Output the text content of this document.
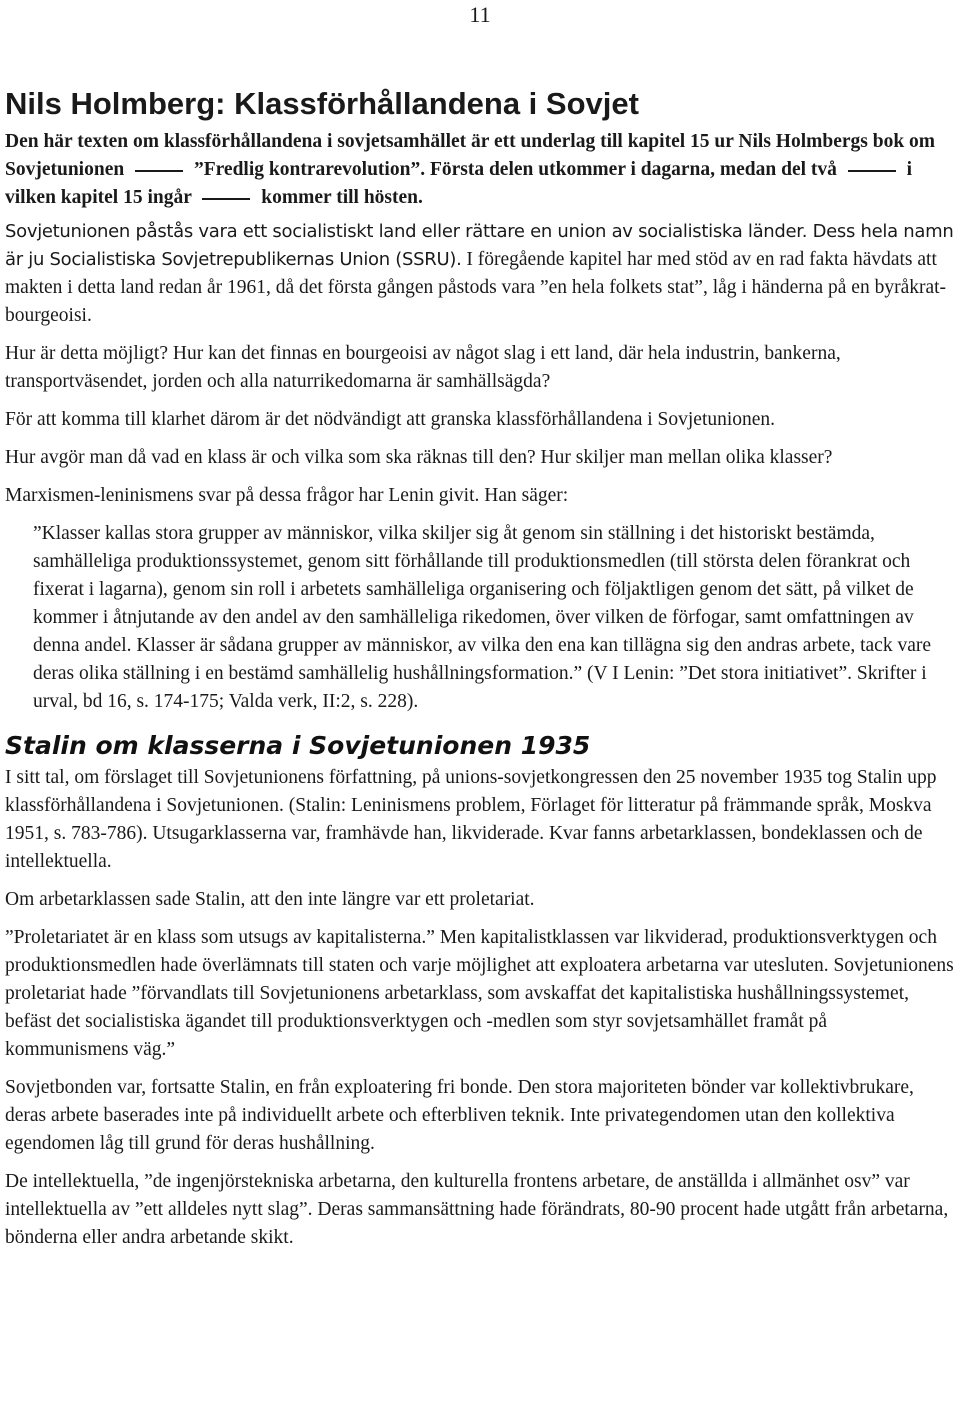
11
Nils Holmberg: Klassförhållandena i Sovjet

Den här texten om klassförhållandena i sovjetsamhället är ett underlag till kapitel 15 ur Nils Holmbergs bok om Sovjetunionen	”Fredlig kontrarevolution”. Första delen utkommer i dagarna, medan del två	i vilken kapitel 15 ingår	kommer till hösten.

Sovjetunionen påstås vara ett socialistiskt land eller rättare en union av socialistiska länder. Dess hela namn är ju Socialistiska Sovjetrepublikernas Union (SSRU). I föregående kapitel har med stöd av en rad fakta hävdats att makten i detta land redan år 1961, då det första gången påstods vara ”en hela folkets stat”, låg i händerna på en byråkrat-bourgeoisi.

Hur är detta möjligt? Hur kan det finnas en bourgeoisi av något slag i ett land, där hela industrin, bankerna, transportväsendet, jorden och alla naturrikedomarna är samhällsägda?

För att komma till klarhet därom är det nödvändigt att granska klassförhållandena i Sovjetunionen.

Hur avgör man då vad en klass är och vilka som ska räknas till den? Hur skiljer man mellan olika klasser?

Marxismen-leninismens svar på dessa frågor har Lenin givit. Han säger:

”Klasser kallas stora grupper av människor, vilka skiljer sig åt genom sin ställning i det historiskt bestämda, samhälleliga produktionssystemet, genom sitt förhållande till produktionsmedlen (till största delen förankrat och fixerat i lagarna), genom sin roll i arbetets samhälleliga organisering och följaktligen genom det sätt, på vilket de kommer i åtnjutande av den andel av den samhälleliga rikedomen, över vilken de förfogar, samt omfattningen av denna andel. Klasser är sådana grupper av människor, av vilka den ena kan tillägna sig den andras arbete, tack vare deras olika ställning i en bestämd samhällelig hushållningsformation.” (V I Lenin: ”Det stora initiativet”. Skrifter i urval, bd 16, s. 174-175; Valda verk, II:2, s. 228).

Stalin om klasserna i Sovjetunionen 1935

I sitt tal, om förslaget till Sovjetunionens författning, på unions-sovjetkongressen den 25 november 1935 tog Stalin upp klassförhållandena i Sovjetunionen. (Stalin: Leninismens problem, Förlaget för litteratur på främmande språk, Moskva 1951, s. 783-786). Utsugarklasserna var, framhävde han, likviderade. Kvar fanns arbetarklassen, bondeklassen och de intellektuella.

Om arbetarklassen sade Stalin, att den inte längre var ett proletariat.

”Proletariatet är en klass som utsugs av kapitalisterna.” Men kapitalistklassen var likviderad, produktionsverktygen och produktionsmedlen hade överlämnats till staten och varje möjlighet att exploatera arbetarna var utesluten. Sovjetunionens proletariat hade ”förvandlats till Sovjetunionens arbetarklass, som avskaffat det kapitalistiska hushållningssystemet, befäst det socialistiska ägandet till produktionsverktygen och -medlen som styr sovjetsamhället framåt på kommunismens väg.”

Sovjetbonden var, fortsatte Stalin, en från exploatering fri bonde. Den stora majoriteten bönder var kollektivbrukare, deras arbete baserades inte på individuellt arbete och efterbliven teknik. Inte privategendomen utan den kollektiva egendomen låg till grund för deras hushållning.

De intellektuella, ”de ingenjörstekniska arbetarna, den kulturella frontens arbetare, de anställda i allmänhet osv” var intellektuella av ”ett alldeles nytt slag”. Deras sammansättning hade förändrats, 80-90 procent hade utgått från arbetarna, bönderna eller andra arbetande skikt.
